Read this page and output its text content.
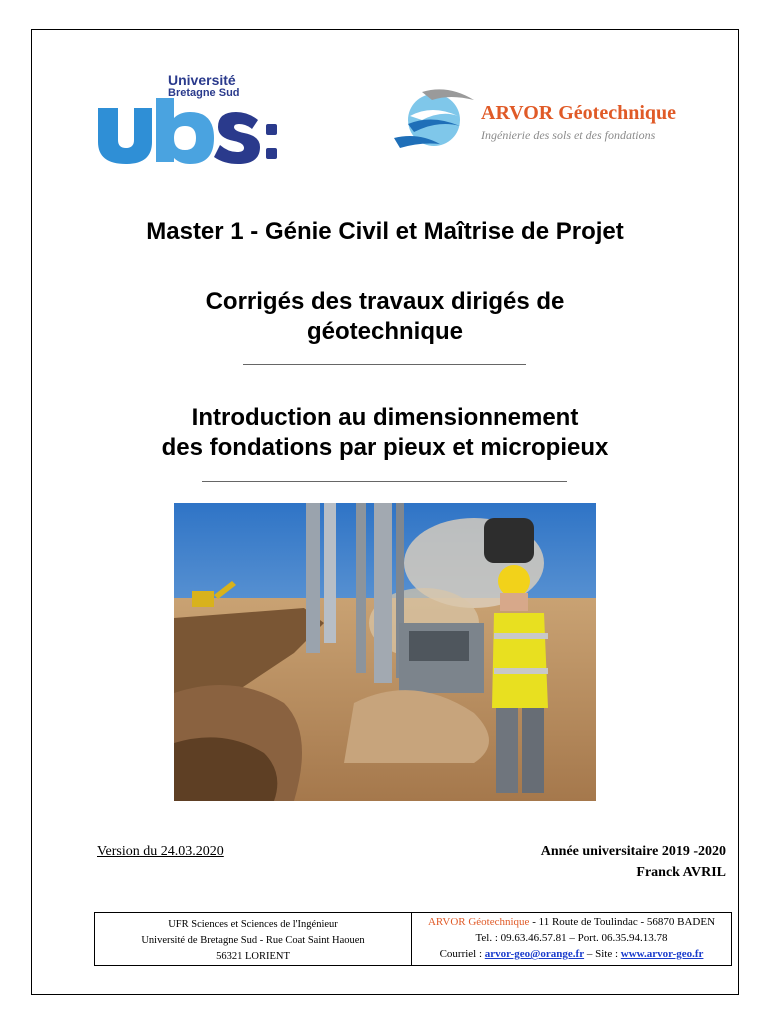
Université
Bretagne Sud
ARVOR Géotechnique
Ingénierie des sols et des fondations
Master 1 - Génie Civil et Maîtrise de Projet
Corrigés des travaux dirigés de
géotechnique
Introduction au dimensionnement
des fondations par pieux et micropieux
Version du 24.03.2020	Année universitaire 2019 -2020
Franck AVRIL
UFR Sciences et Sciences de l'Ingénieur
Université de Bretagne Sud - Rue Coat Saint Haouen
56321 LORIENT
ARVOR Géotechnique - 11 Route de Toulindac - 56870 BADEN
Tel. : 09.63.46.57.81 – Port. 06.35.94.13.78
Courriel : arvor-geo@orange.fr – Site : www.arvor-geo.fr
